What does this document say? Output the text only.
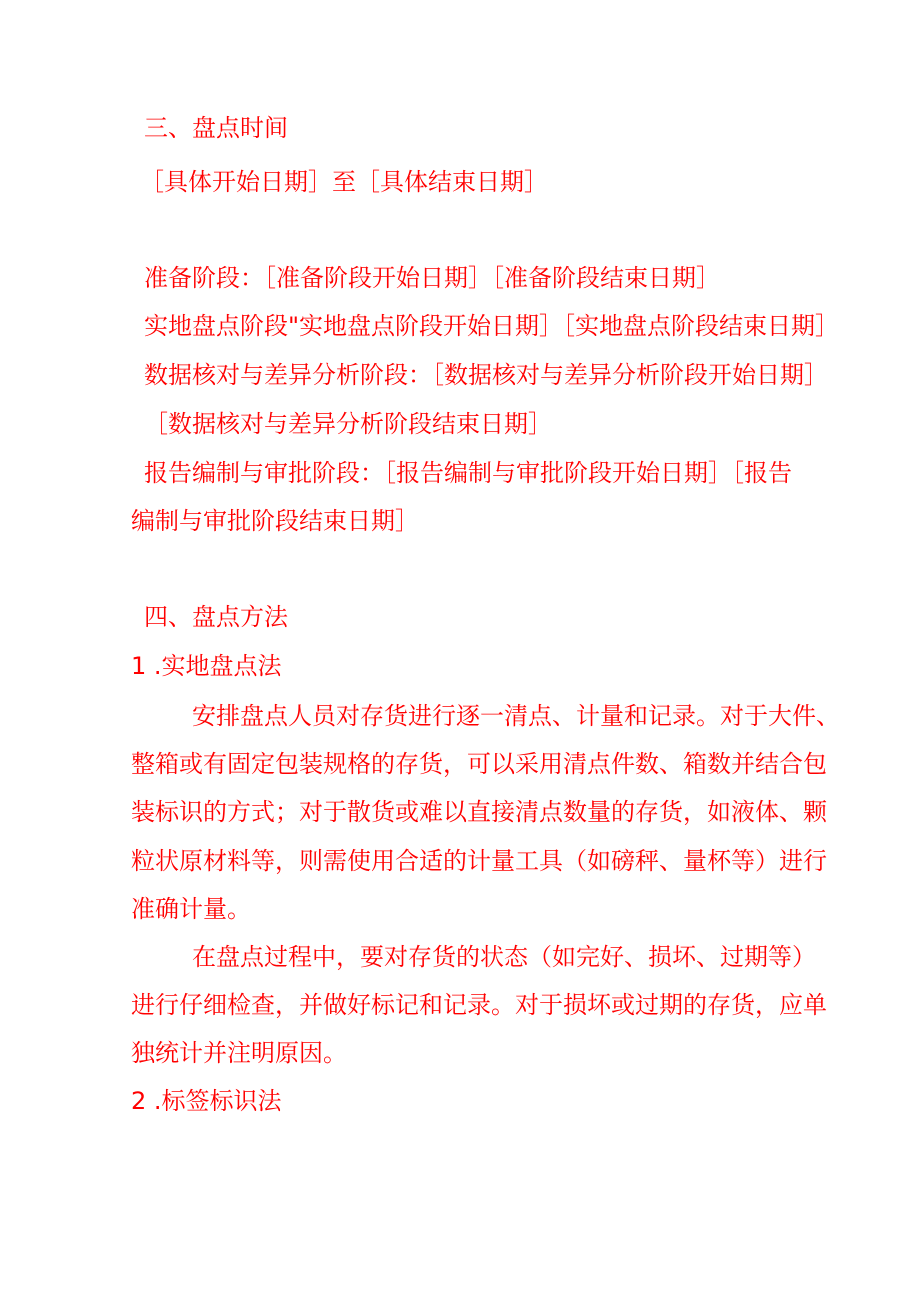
三、盘点时间
［具体开始日期］至［具体结束日期］
准备阶段：［准备阶段开始日期］［准备阶段结束日期］
实地盘点阶段"实地盘点阶段开始日期］［实地盘点阶段结束日期］
数据核对与差异分析阶段：［数据核对与差异分析阶段开始日期］
［数据核对与差异分析阶段结束日期］
报告编制与审批阶段：［报告编制与审批阶段开始日期］［报告
编制与审批阶段结束日期］
四、盘点方法
1 .实地盘点法
安排盘点人员对存货进行逐一清点、计量和记录。对于大件、
整箱或有固定包装规格的存货，可以采用清点件数、箱数并结合包
装标识的方式；对于散货或难以直接清点数量的存货，如液体、颗
粒状原材料等，则需使用合适的计量工具（如磅秤、量杯等）进行
准确计量。
在盘点过程中，要对存货的状态（如完好、损坏、过期等）
进行仔细检查，并做好标记和记录。对于损坏或过期的存货，应单
独统计并注明原因。
2 .标签标识法
